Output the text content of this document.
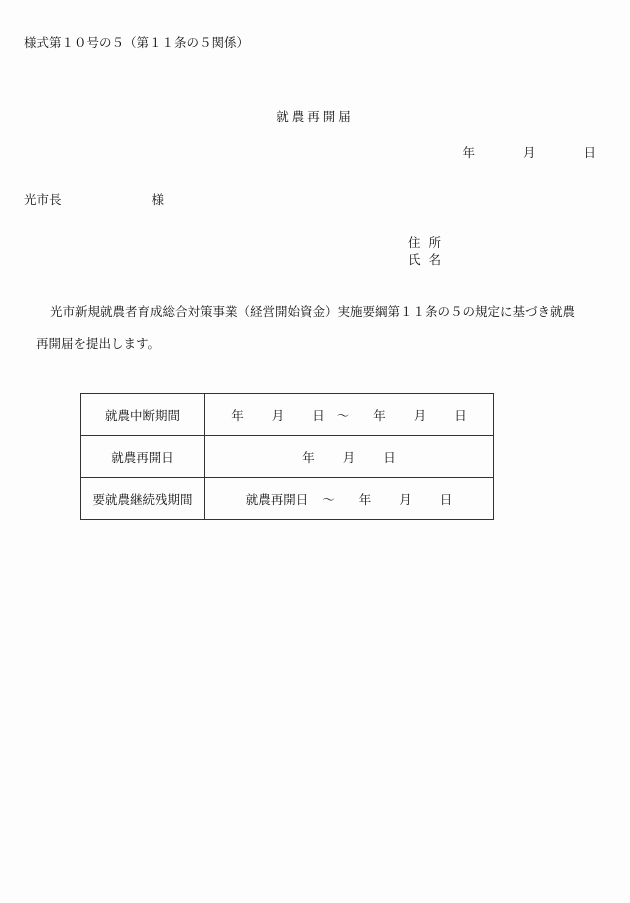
様式第１０号の５（第１１条の５関係）
就農再開届
年	月	日
光市長	様
住所
氏名
光市新規就農者育成総合対策事業（経営開始資金）実施要綱第１１条の５の規定に基づき就農
再開届を提出します。
就農中断期間	年 月 日 ～ 年 月 日
就農再開日	年 月 日
要就農継続残期間	就農再開日 ～ 年 月 日
